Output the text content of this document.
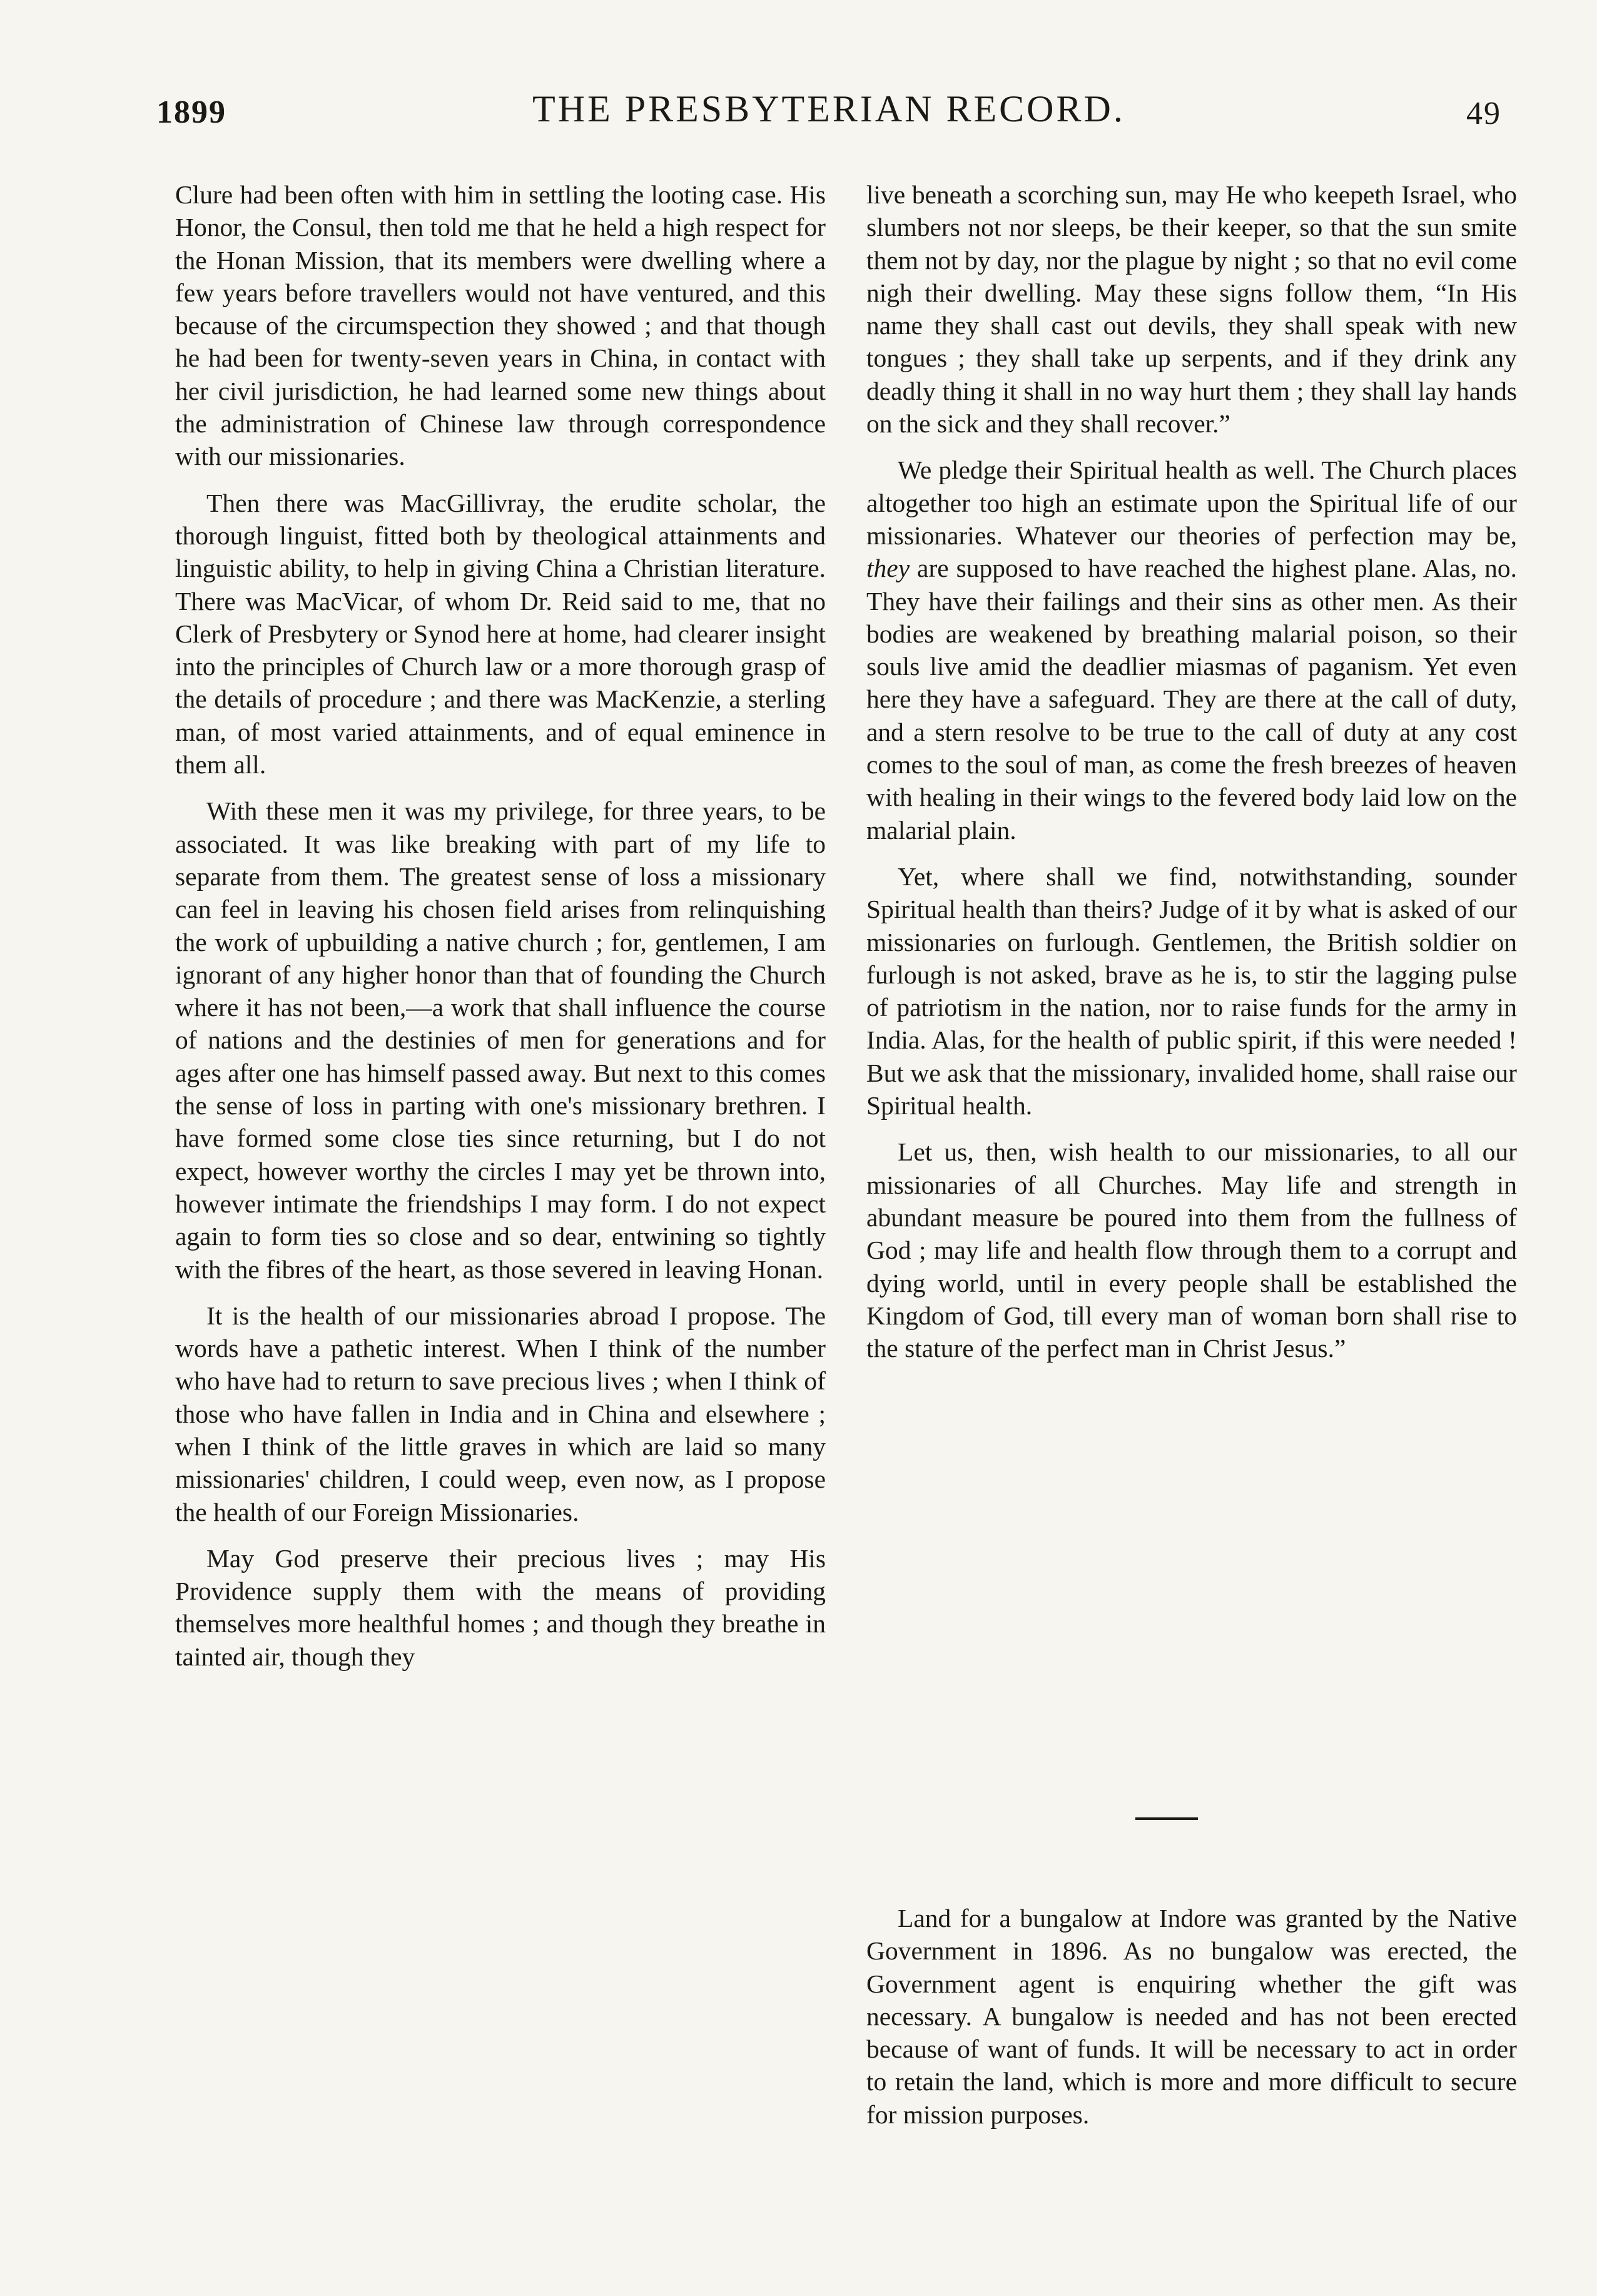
1899	THE PRESBYTERIAN RECORD.	49

Clure had been often with him in settling the looting case. His Honor, the Consul, then told me that he held a high respect for the Honan Mission, that its members were dwelling where a few years before travellers would not have ventured, and this because of the circumspection they showed ; and that though he had been for twenty-seven years in China, in contact with her civil jurisdiction, he had learned some new things about the administration of Chinese law through correspondence with our missionaries.

Then there was MacGillivray, the erudite scholar, the thorough linguist, fitted both by theological attainments and linguistic ability, to help in giving China a Christian literature. There was MacVicar, of whom Dr. Reid said to me, that no Clerk of Presbytery or Synod here at home, had clearer insight into the principles of Church law or a more thorough grasp of the details of procedure ; and there was MacKenzie, a sterling man, of most varied attainments, and of equal eminence in them all.

With these men it was my privilege, for three years, to be associated. It was like breaking with part of my life to separate from them. The greatest sense of loss a missionary can feel in leaving his chosen field arises from relinquishing the work of upbuilding a native church ; for, gentlemen, I am ignorant of any higher honor than that of founding the Church where it has not been,—a work that shall influence the course of nations and the destinies of men for generations and for ages after one has himself passed away. But next to this comes the sense of loss in parting with one's missionary brethren. I have formed some close ties since returning, but I do not expect, however worthy the circles I may yet be thrown into, however intimate the friendships I may form. I do not expect again to form ties so close and so dear, entwining so tightly with the fibres of the heart, as those severed in leaving Honan.

It is the health of our missionaries abroad I propose. The words have a pathetic interest. When I think of the number who have had to return to save precious lives ; when I think of those who have fallen in India and in China and elsewhere ; when I think of the little graves in which are laid so many missionaries' children, I could weep, even now, as I propose the health of our Foreign Missionaries.

May God preserve their precious lives ; may His Providence supply them with the means of providing themselves more healthful homes ; and though they breathe in tainted air, though they

live beneath a scorching sun, may He who keepeth Israel, who slumbers not nor sleeps, be their keeper, so that the sun smite them not by day, nor the plague by night ; so that no evil come nigh their dwelling. May these signs follow them, “In His name they shall cast out devils, they shall speak with new tongues ; they shall take up serpents, and if they drink any deadly thing it shall in no way hurt them ; they shall lay hands on the sick and they shall recover.”

We pledge their Spiritual health as well. The Church places altogether too high an estimate upon the Spiritual life of our missionaries. Whatever our theories of perfection may be, they are supposed to have reached the highest plane. Alas, no. They have their failings and their sins as other men. As their bodies are weakened by breathing malarial poison, so their souls live amid the deadlier miasmas of paganism. Yet even here they have a safeguard. They are there at the call of duty, and a stern resolve to be true to the call of duty at any cost comes to the soul of man, as come the fresh breezes of heaven with healing in their wings to the fevered body laid low on the malarial plain.

Yet, where shall we find, notwithstanding, sounder Spiritual health than theirs? Judge of it by what is asked of our missionaries on furlough. Gentlemen, the British soldier on furlough is not asked, brave as he is, to stir the lagging pulse of patriotism in the nation, nor to raise funds for the army in India. Alas, for the health of public spirit, if this were needed ! But we ask that the missionary, invalided home, shall raise our Spiritual health.

Let us, then, wish health to our missionaries, to all our missionaries of all Churches. May life and strength in abundant measure be poured into them from the fullness of God ; may life and health flow through them to a corrupt and dying world, until in every people shall be established the Kingdom of God, till every man of woman born shall rise to the stature of the perfect man in Christ Jesus.”

Land for a bungalow at Indore was granted by the Native Government in 1896. As no bungalow was erected, the Government agent is enquiring whether the gift was necessary. A bungalow is needed and has not been erected because of want of funds. It will be necessary to act in order to retain the land, which is more and more difficult to secure for mission purposes.
